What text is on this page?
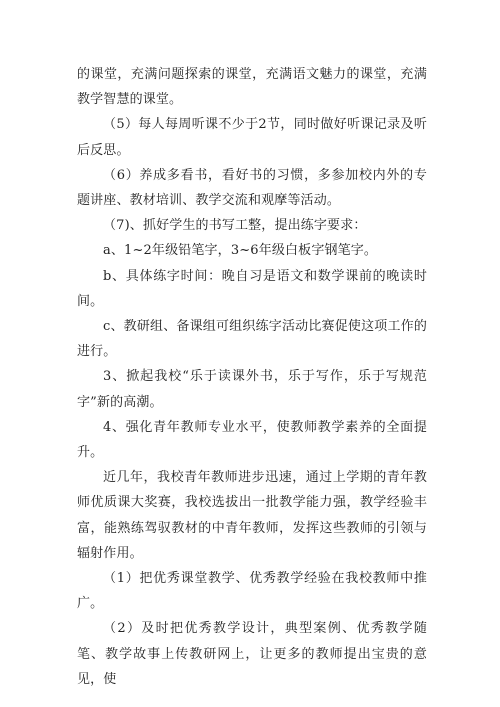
的课堂，充满问题探索的课堂，充满语文魅力的课堂，充满教学智慧的课堂。

（5）每人每周听课不少于2节，同时做好听课记录及听后反思。

（6）养成多看书，看好书的习惯，多参加校内外的专题讲座、教材培训、教学交流和观摩等活动。

（7)、抓好学生的书写工整，提出练字要求：

a、1~2年级铅笔字，3~6年级白板字钢笔字。

b、具体练字时间：晚自习是语文和数学课前的晚读时间。

c、教研组、备课组可组织练字活动比赛促使这项工作的进行。

3、掀起我校“乐于读课外书，乐于写作，乐于写规范字”新的高潮。

4、强化青年教师专业水平，使教师教学素养的全面提升。

近几年，我校青年教师进步迅速，通过上学期的青年教师优质课大奖赛，我校选拔出一批教学能力强，教学经验丰富，能熟练驾驭教材的中青年教师，发挥这些教师的引领与辐射作用。

（1）把优秀课堂教学、优秀教学经验在我校教师中推广。

（2）及时把优秀教学设计，典型案例、优秀教学随笔、教学故事上传教研网上，让更多的教师提出宝贵的意见，使
